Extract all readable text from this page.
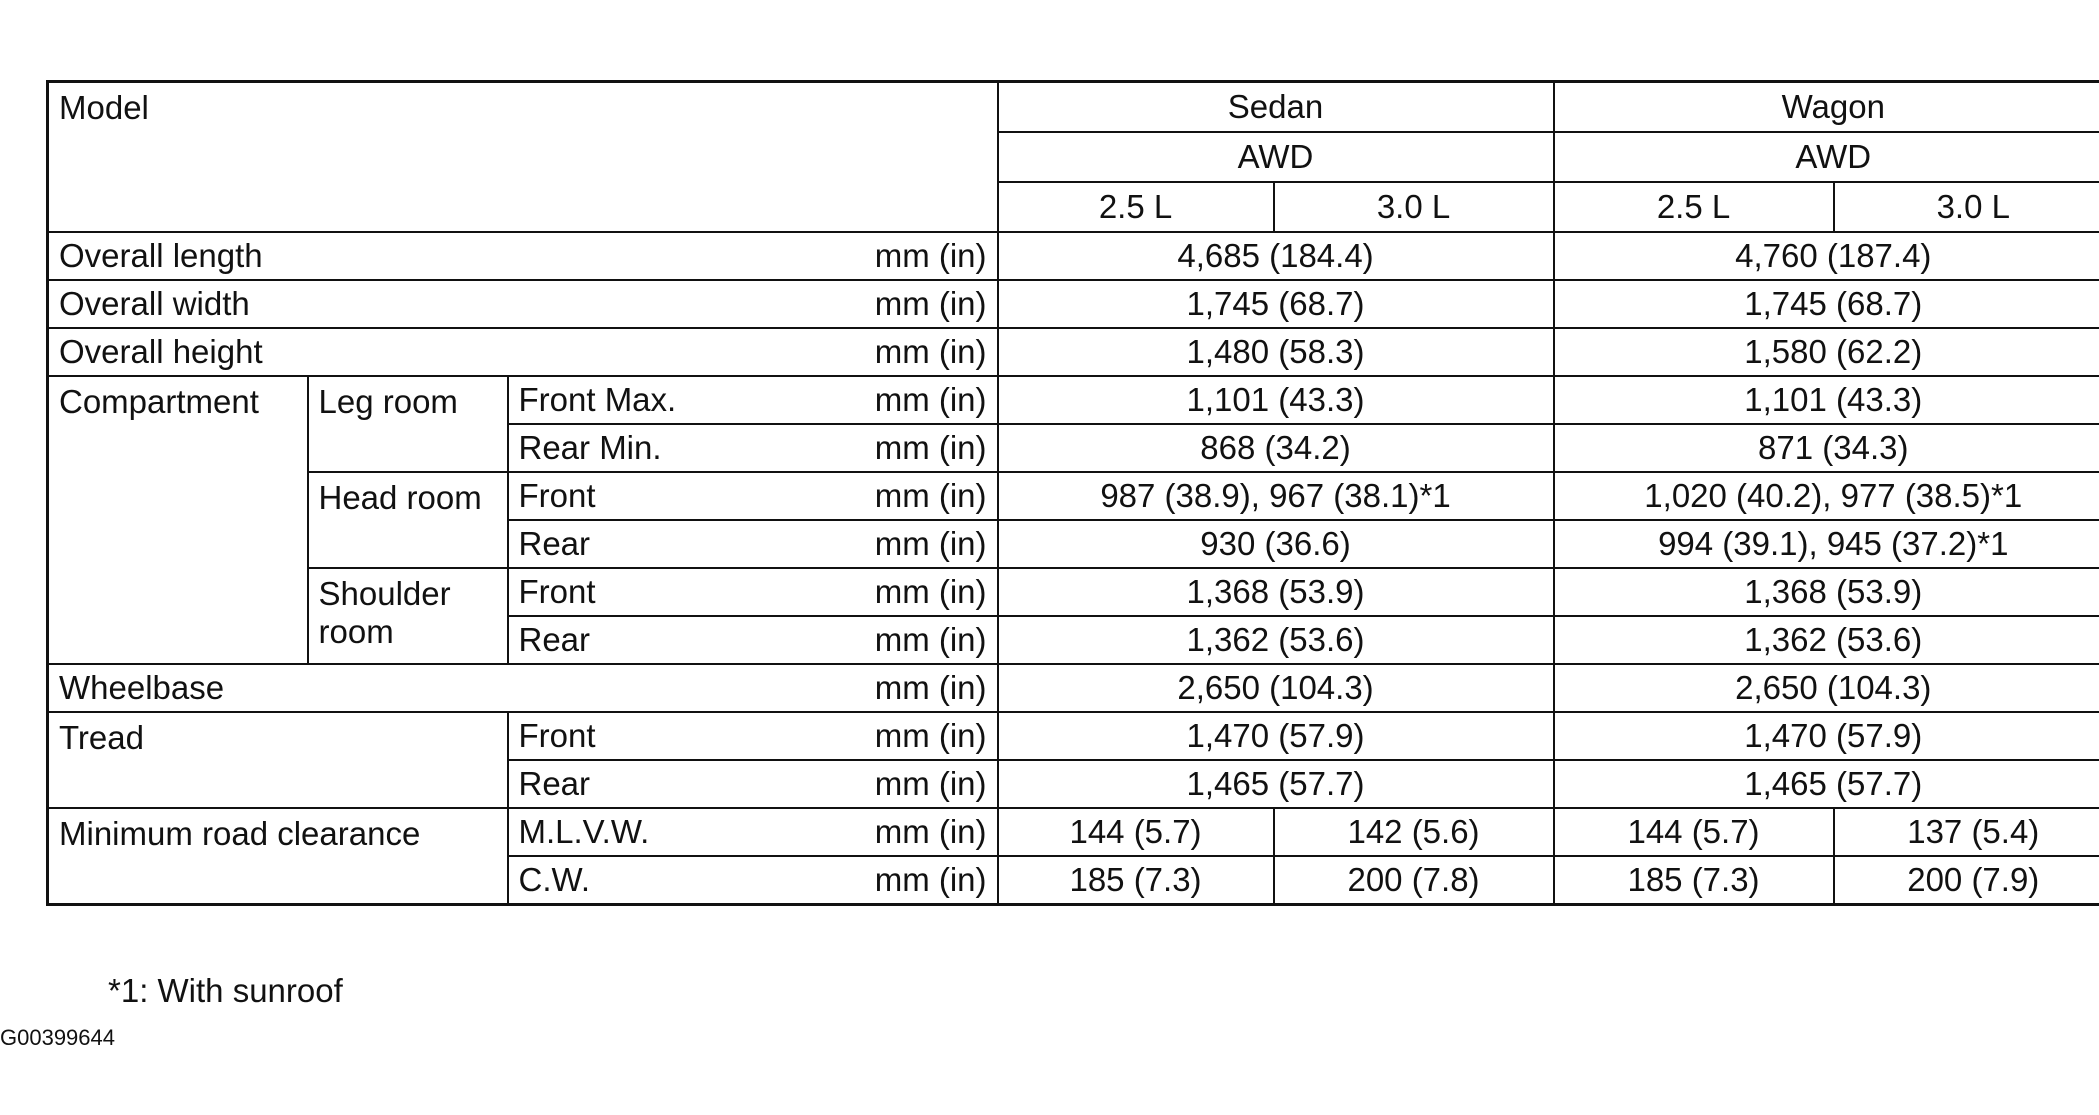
Model				Sedan		Wagon	
				AWD		AWD	
				2.5 L	3.0 L	2.5 L	3.0 L
Overall length			mm (in)	4,685 (184.4)		4,760 (187.4)	
Overall width			mm (in)	1,745 (68.7)		1,745 (68.7)	
Overall height			mm (in)	1,480 (58.3)		1,580 (62.2)	
Compartment	Leg room	Front Max.	mm (in)	1,101 (43.3)		1,101 (43.3)	
		Rear Min.	mm (in)	868 (34.2)		871 (34.3)	
	Head room	Front	mm (in)	987 (38.9), 967 (38.1)*1		1,020 (40.2), 977 (38.5)*1	
		Rear	mm (in)	930 (36.6)		994 (39.1), 945 (37.2)*1	
	Shoulder room	Front	mm (in)	1,368 (53.9)		1,368 (53.9)	
		Rear	mm (in)	1,362 (53.6)		1,362 (53.6)	
Wheelbase			mm (in)	2,650 (104.3)		2,650 (104.3)	
Tread		Front	mm (in)	1,470 (57.9)		1,470 (57.9)	
		Rear	mm (in)	1,465 (57.7)		1,465 (57.7)	
Minimum road clearance		M.L.V.W.	mm (in)	144 (5.7)	142 (5.6)	144 (5.7)	137 (5.4)
		C.W.	mm (in)	185 (7.3)	200 (7.8)	185 (7.3)	200 (7.9)
*1: With sunroof
G00399644
